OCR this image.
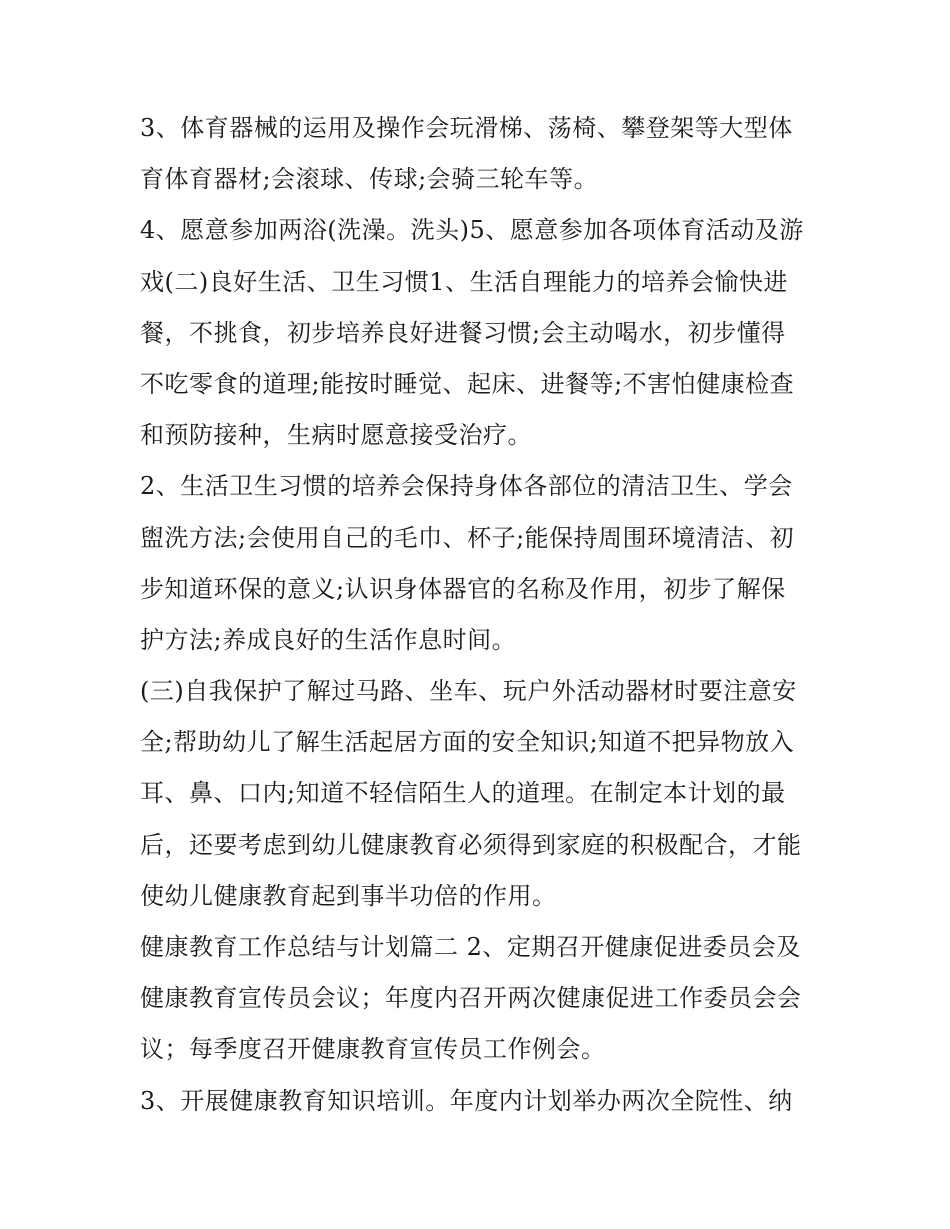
3、体育器械的运用及操作会玩滑梯、荡椅、攀登架等大型体
育体育器材;会滚球、传球;会骑三轮车等。

4、愿意参加两浴(洗澡。洗头)5、愿意参加各项体育活动及游
戏(二)良好生活、卫生习惯1、生活自理能力的培养会愉快进
餐，不挑食，初步培养良好进餐习惯;会主动喝水，初步懂得
不吃零食的道理;能按时睡觉、起床、进餐等;不害怕健康检查
和预防接种，生病时愿意接受治疗。

2、生活卫生习惯的培养会保持身体各部位的清洁卫生、学会
盥洗方法;会使用自己的毛巾、杯子;能保持周围环境清洁、初
步知道环保的意义;认识身体器官的名称及作用，初步了解保
护方法;养成良好的生活作息时间。

(三)自我保护了解过马路、坐车、玩户外活动器材时要注意安
全;帮助幼儿了解生活起居方面的安全知识;知道不把异物放入
耳、鼻、口内;知道不轻信陌生人的道理。在制定本计划的最
后，还要考虑到幼儿健康教育必须得到家庭的积极配合，才能
使幼儿健康教育起到事半功倍的作用。

健康教育工作总结与计划篇二 2、定期召开健康促进委员会及
健康教育宣传员会议；年度内召开两次健康促进工作委员会会
议；每季度召开健康教育宣传员工作例会。

3、开展健康教育知识培训。年度内计划举办两次全院性、纳
